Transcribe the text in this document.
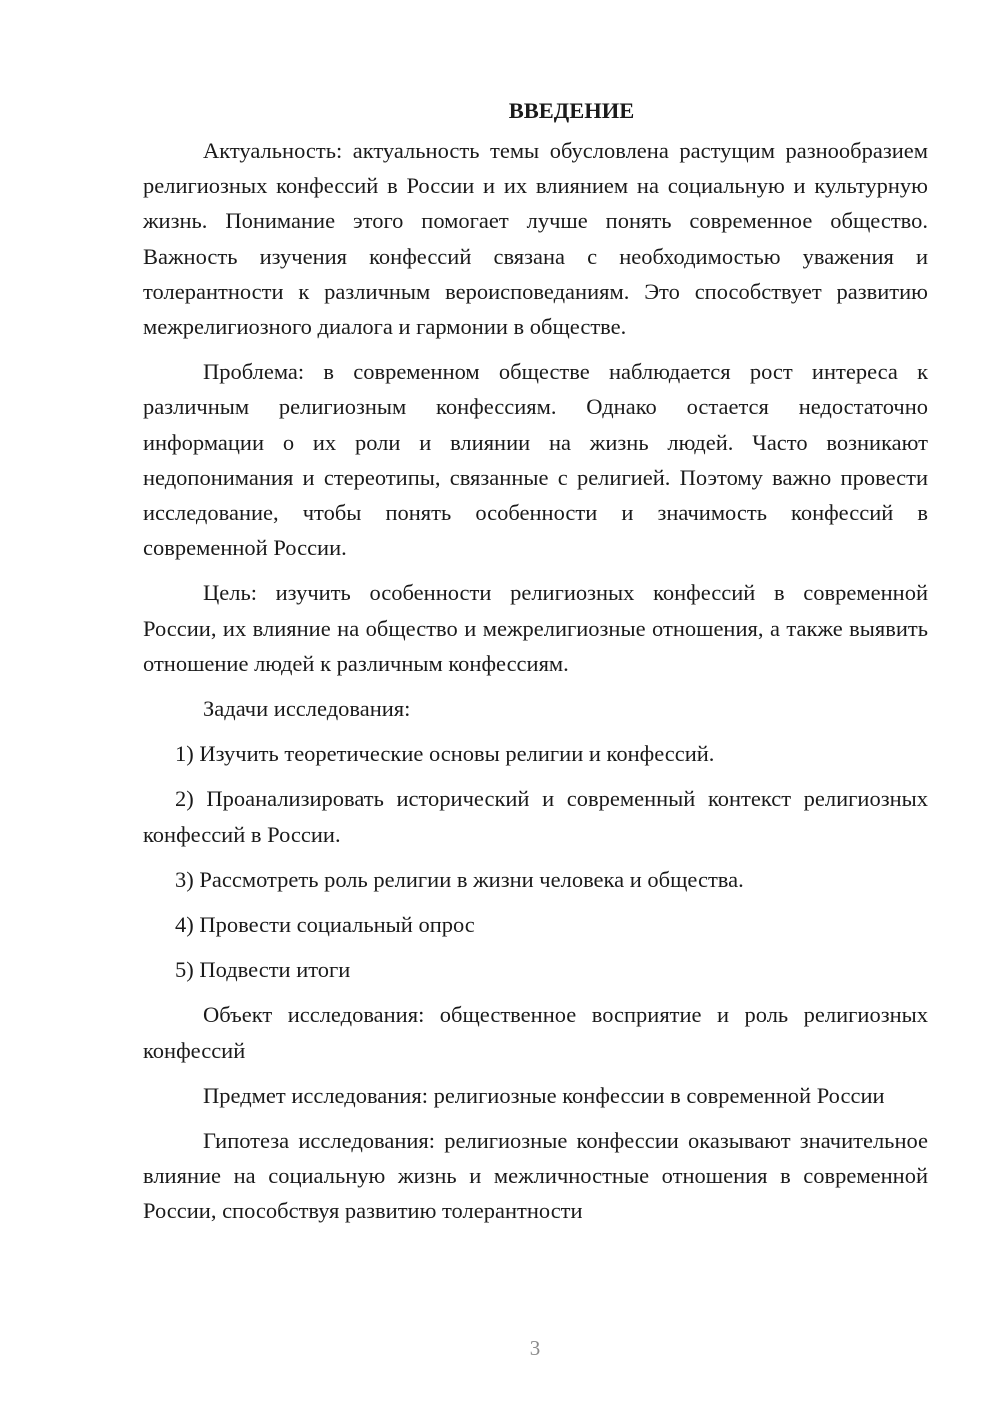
ВВЕДЕНИЕ

Актуальность: актуальность темы обусловлена растущим разнообразием религиозных конфессий в России и их влиянием на социальную и культурную жизнь. Понимание этого помогает лучше понять современное общество. Важность изучения конфессий связана с необходимостью уважения и толерантности к различным вероисповеданиям. Это способствует развитию межрелигиозного диалога и гармонии в обществе.

Проблема: в современном обществе наблюдается рост интереса к различным религиозным конфессиям. Однако остается недостаточно информации о их роли и влиянии на жизнь людей. Часто возникают недопонимания и стереотипы, связанные с религией. Поэтому важно провести исследование, чтобы понять особенности и значимость конфессий в современной России.

Цель: изучить особенности религиозных конфессий в современной России, их влияние на общество и межрелигиозные отношения, а также выявить отношение людей к различным конфессиям.

Задачи исследования:

1) Изучить теоретические основы религии и конфессий.

2) Проанализировать исторический и современный контекст религиозных конфессий в России.

3) Рассмотреть роль религии в жизни человека и общества.

4) Провести социальный опрос

5) Подвести итоги

Объект исследования: общественное восприятие и роль религиозных конфессий

Предмет исследования: религиозные конфессии в современной России

Гипотеза исследования: религиозные конфессии оказывают значительное влияние на социальную жизнь и межличностные отношения в современной России, способствуя развитию толерантности

3
